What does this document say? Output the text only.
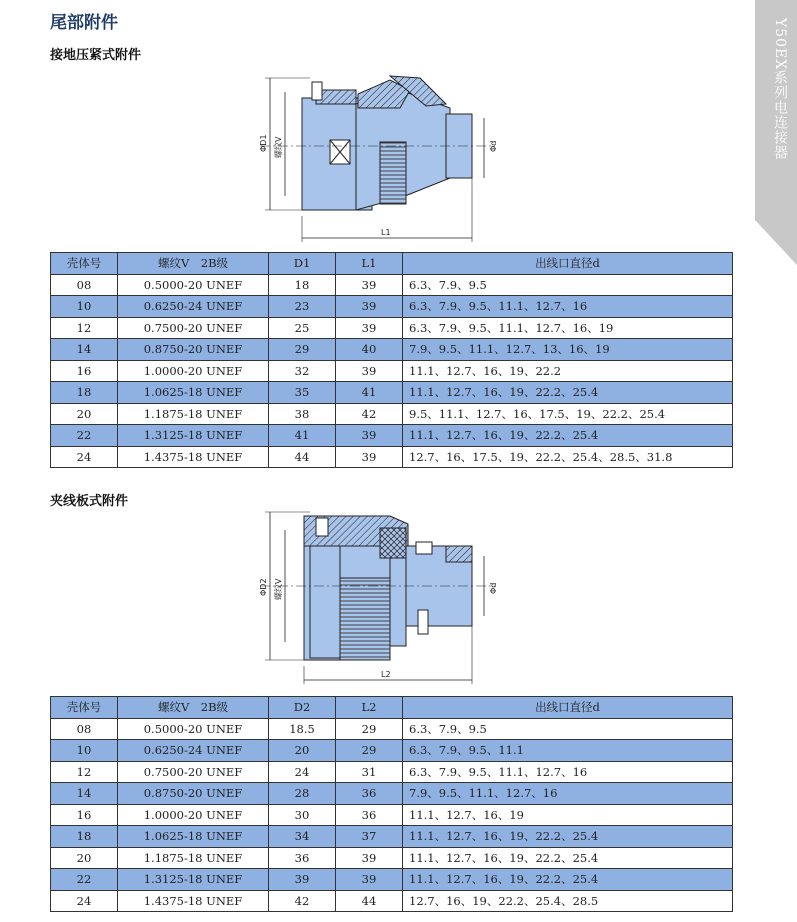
尾部附件	Y50EX系列电连接器
接地压紧式附件
ΦD1 螺纹V	Φd
L1
壳体号	螺纹V　2B级	D1	L1	出线口直径d
08	0.5000-20 UNEF	18	39	6.3、7.9、9.5
10	0.6250-24 UNEF	23	39	6.3、7.9、9.5、11.1、12.7、16
12	0.7500-20 UNEF	25	39	6.3、7.9、9.5、11.1、12.7、16、19
14	0.8750-20 UNEF	29	40	7.9、9.5、11.1、12.7、13、16、19
16	1.0000-20 UNEF	32	39	11.1、12.7、16、19、22.2
18	1.0625-18 UNEF	35	41	11.1、12.7、16、19、22.2、25.4
20	1.1875-18 UNEF	38	42	9.5、11.1、12.7、16、17.5、19、22.2、25.4
22	1.3125-18 UNEF	41	39	11.1、12.7、16、19、22.2、25.4
24	1.4375-18 UNEF	44	39	12.7、16、17.5、19、22.2、25.4、28.5、31.8
夹线板式附件
ΦD2 螺纹V	Φd
L2
壳体号	螺纹V　2B级	D2	L2	出线口直径d
08	0.5000-20 UNEF	18.5	29	6.3、7.9、9.5
10	0.6250-24 UNEF	20	29	6.3、7.9、9.5、11.1
12	0.7500-20 UNEF	24	31	6.3、7.9、9.5、11.1、12.7、16
14	0.8750-20 UNEF	28	36	7.9、9.5、11.1、12.7、16
16	1.0000-20 UNEF	30	36	11.1、12.7、16、19
18	1.0625-18 UNEF	34	37	11.1、12.7、16、19、22.2、25.4
20	1.1875-18 UNEF	36	39	11.1、12.7、16、19、22.2、25.4
22	1.3125-18 UNEF	39	39	11.1、12.7、16、19、22.2、25.4
24	1.4375-18 UNEF	42	44	12.7、16、19、22.2、25.4、28.5
